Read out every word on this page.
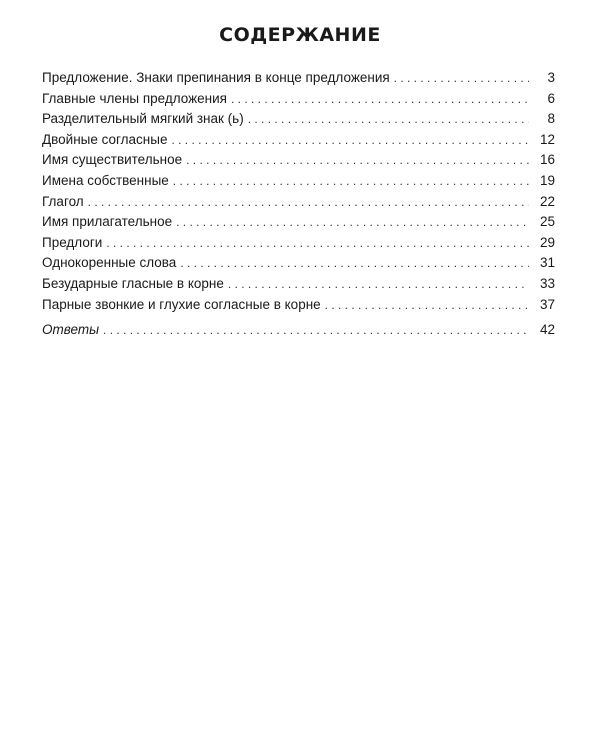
СОДЕРЖАНИЕ
Предложение. Знаки препинания в конце предложения . . .	3
Главные члены предложения . . .	6
Разделительный мягкий знак (ь) . . .	8
Двойные согласные . . .	12
Имя существительное . . .	16
Имена собственные . . .	19
Глагол . . .	22
Имя прилагательное . . .	25
Предлоги . . .	29
Однокоренные слова . . .	31
Безударные гласные в корне . . .	33
Парные звонкие и глухие согласные в корне . . .	37
Ответы . . .	42
